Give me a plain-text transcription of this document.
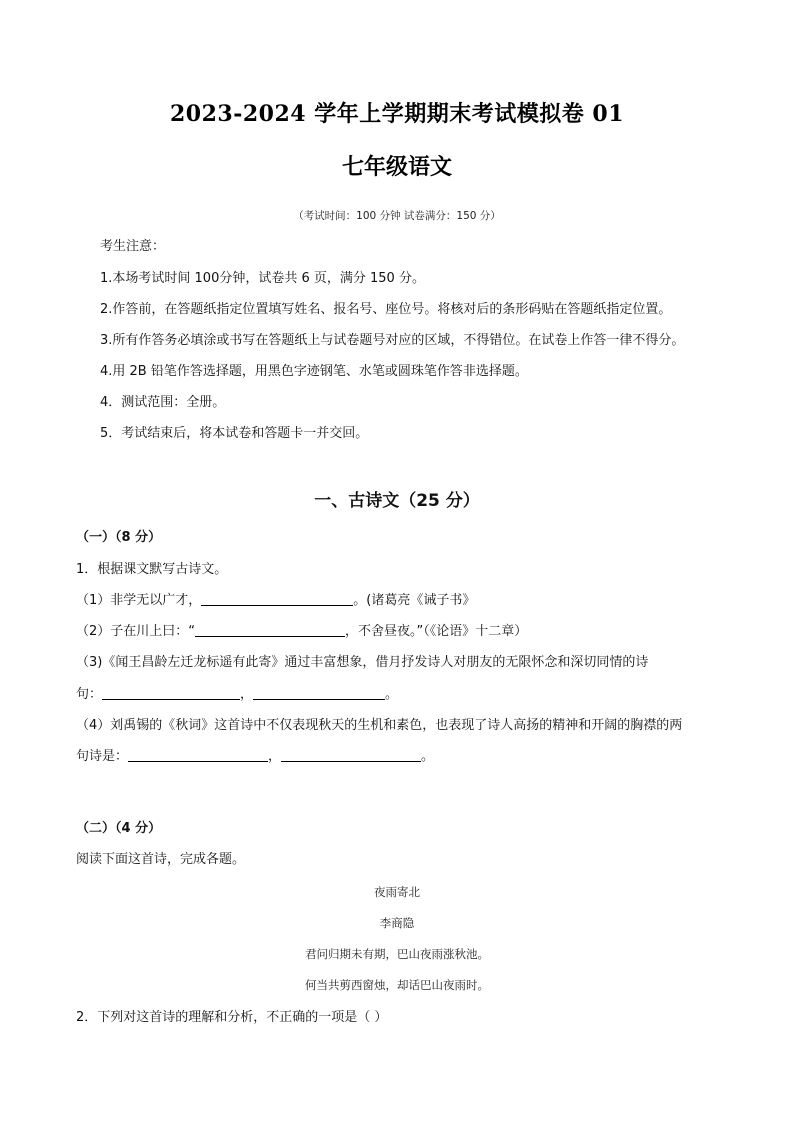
2023-2024 学年上学期期末考试模拟卷 01
七年级语文
（考试时间：100 分钟 试卷满分：150 分）
考生注意：
1.本场考试时间 100分钟，试卷共 6 页，满分 150 分。
2.作答前，在答题纸指定位置填写姓名、报名号、座位号。将核对后的条形码贴在答题纸指定位置。
3.所有作答务必填涂或书写在答题纸上与试卷题号对应的区域，不得错位。在试卷上作答一律不得分。
4.用 2B 铅笔作答选择题，用黑色字迹钢笔、水笔或圆珠笔作答非选择题。
4．测试范围：全册。
5．考试结束后，将本试卷和答题卡一并交回。
一、古诗文（25 分）
（一）（8 分）
1．根据课文默写古诗文。
（1）非学无以广才，	。(诸葛亮《诫子书》
（2）子在川上曰：“	，不舍昼夜。”（《论语》十二章）
（3)《闻王昌龄左迁龙标遥有此寄》通过丰富想象，借月抒发诗人对朋友的无限怀念和深切同情的诗
句：	，	。
（4）刘禹锡的《秋词》这首诗中不仅表现秋天的生机和素色，也表现了诗人高扬的精神和开阔的胸襟的两
句诗是：	，	。
（二）（4 分）
阅读下面这首诗，完成各题。
夜雨寄北
李商隐
君问归期未有期，巴山夜雨涨秋池。
何当共剪西窗烛，却话巴山夜雨时。
2．下列对这首诗的理解和分析，不正确的一项是（ ）
